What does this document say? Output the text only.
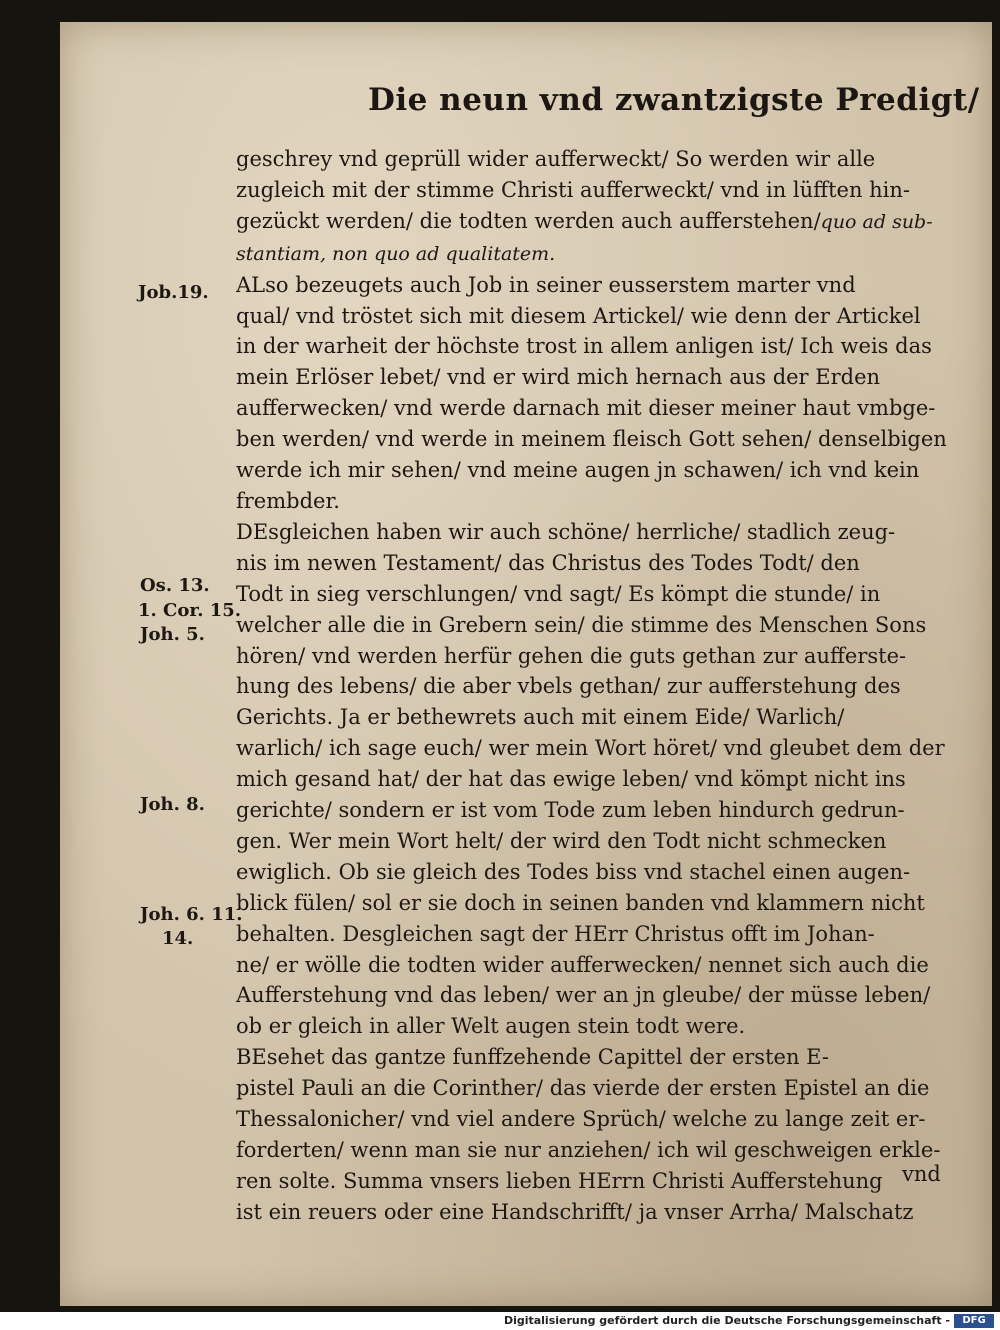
Die neun vnd zwantzigste Predigt/
geschrey vnd geprüll wider aufferweckt/ So werden wir alle
zugleich mit der stimme Christi aufferweckt/ vnd in lüfften hin-
gezückt werden/ die todten werden auch aufferstehen/quo ad sub-
stantiam, non quo ad qualitatem.
ALso bezeugets auch Job in seiner eusserstem marter vnd
qual/ vnd tröstet sich mit diesem Artickel/ wie denn der Artickel
in der warheit der höchste trost in allem anligen ist/ Ich weis das
mein Erlöser lebet/ vnd er wird mich hernach aus der Erden
aufferwecken/ vnd werde darnach mit dieser meiner haut vmbge-
ben werden/ vnd werde in meinem fleisch Gott sehen/ denselbigen
werde ich mir sehen/ vnd meine augen jn schawen/ ich vnd kein
frembder.
DEsgleichen haben wir auch schöne/ herrliche/ stadlich zeug-
nis im newen Testament/ das Christus des Todes Todt/ den
Todt in sieg verschlungen/ vnd sagt/ Es kömpt die stunde/ in
welcher alle die in Grebern sein/ die stimme des Menschen Sons
hören/ vnd werden herfür gehen die guts gethan zur aufferste-
hung des lebens/ die aber vbels gethan/ zur aufferstehung des
Gerichts. Ja er bethewrets auch mit einem Eide/ Warlich/
warlich/ ich sage euch/ wer mein Wort höret/ vnd gleubet dem der
mich gesand hat/ der hat das ewige leben/ vnd kömpt nicht ins
gerichte/ sondern er ist vom Tode zum leben hindurch gedrun-
gen. Wer mein Wort helt/ der wird den Todt nicht schmecken
ewiglich. Ob sie gleich des Todes biss vnd stachel einen augen-
blick fülen/ sol er sie doch in seinen banden vnd klammern nicht
behalten. Desgleichen sagt der HErr Christus offt im Johan-
ne/ er wölle die todten wider aufferwecken/ nennet sich auch die
Aufferstehung vnd das leben/ wer an jn gleube/ der müsse leben/
ob er gleich in aller Welt augen stein todt were.
BEsehet das gantze funffzehende Capittel der ersten E-
pistel Pauli an die Corinther/ das vierde der ersten Epistel an die
Thessalonicher/ vnd viel andere Sprüch/ welche zu lange zeit er-
forderten/ wenn man sie nur anziehen/ ich wil geschweigen erkle-
ren solte. Summa vnsers lieben HErrn Christi Aufferstehung
ist ein reuers oder eine Handschrifft/ ja vnser Arrha/ Malschatz
Job.19.
Os. 13.
1. Cor. 15.
Joh. 5.
Joh. 8.
Joh. 6. 11.
14.
vnd
Digitalisierung gefördert durch die Deutsche Forschungsgemeinschaft -	DFG
